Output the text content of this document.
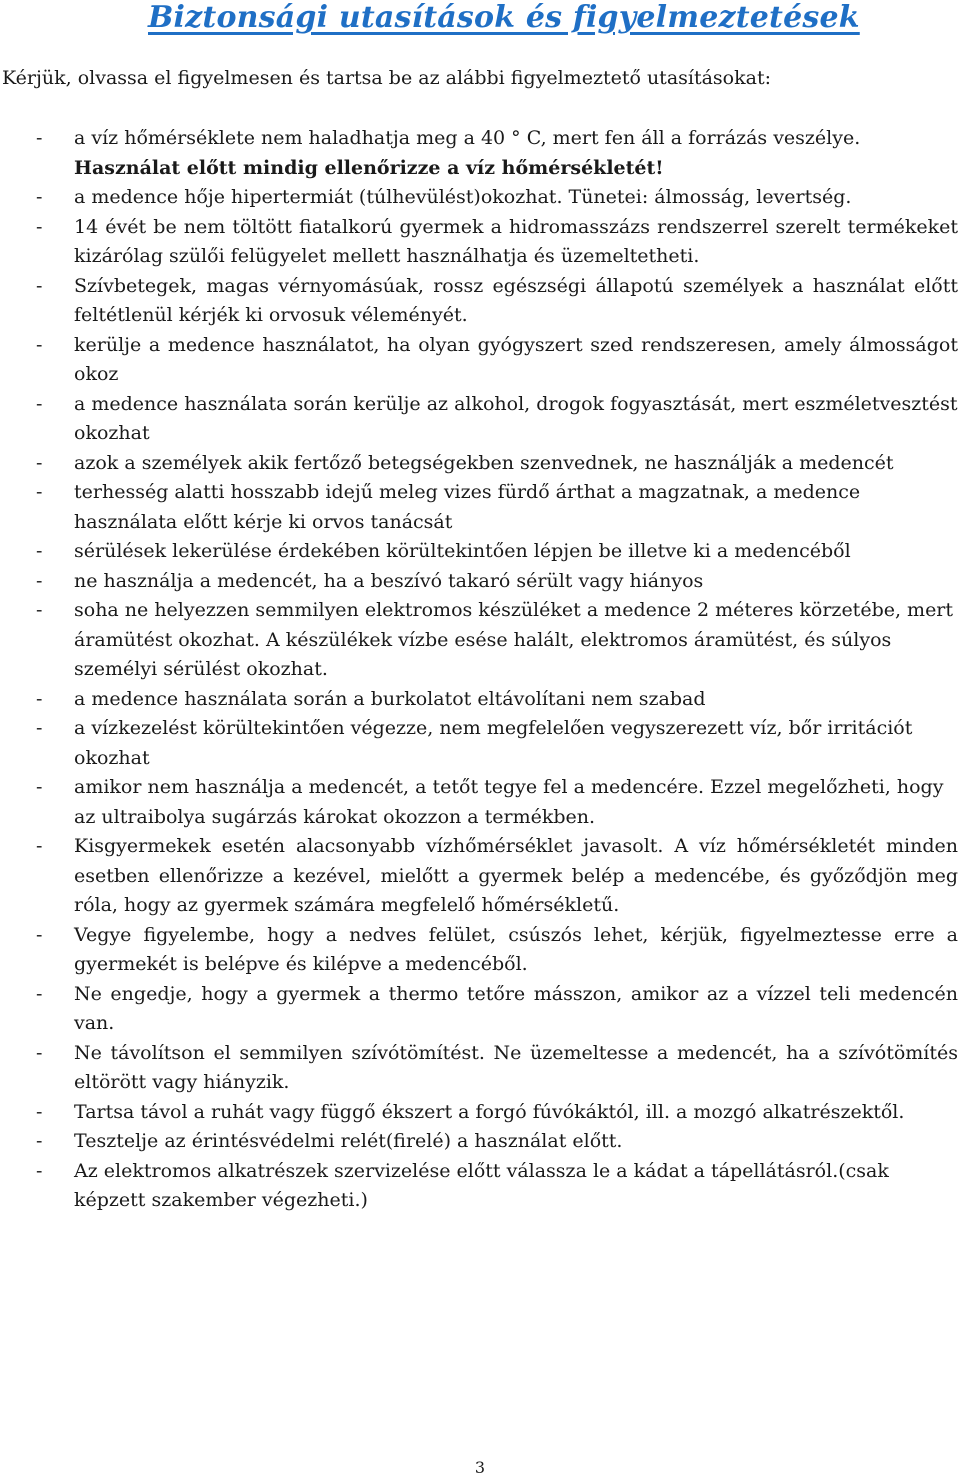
Biztonsági utasítások és figyelmeztetések
Kérjük, olvassa el figyelmesen és tartsa be az alábbi figyelmeztető utasításokat:
- a víz hőmérséklete nem haladhatja meg a 40 ° C, mert fen áll a forrázás veszélye.
Használat előtt mindig ellenőrizze a víz hőmérsékletét!
- a medence hője hipertermiát (túlhevülést)okozhat. Tünetei: álmosság, levertség.
- 14 évét be nem töltött fiatalkorú gyermek a hidromasszázs rendszerrel szerelt termékeket kizárólag szülői felügyelet mellett használhatja és üzemeltetheti.
- Szívbetegek, magas vérnyomásúak, rossz egészségi állapotú személyek a használat előtt feltétlenül kérjék ki orvosuk véleményét.
- kerülje a medence használatot, ha olyan gyógyszert szed rendszeresen, amely álmosságot okoz
- a medence használata során kerülje az alkohol, drogok fogyasztását, mert eszméletvesztést okozhat
- azok a személyek akik fertőző betegségekben szenvednek, ne használják a medencét
- terhesség alatti hosszabb idejű meleg vizes fürdő árthat a magzatnak, a medence használata előtt kérje ki orvos tanácsát
- sérülések lekerülése érdekében körültekintően lépjen be illetve ki a medencéből
- ne használja a medencét, ha a beszívó takaró sérült vagy hiányos
- soha ne helyezzen semmilyen elektromos készüléket a medence 2 méteres körzetébe, mert áramütést okozhat. A készülékek vízbe esése halált, elektromos áramütést, és súlyos személyi sérülést okozhat.
- a medence használata során a burkolatot eltávolítani nem szabad
- a vízkezelést körültekintően végezze, nem megfelelően vegyszerezett víz, bőr irritációt okozhat
- amikor nem használja a medencét, a tetőt tegye fel a medencére. Ezzel megelőzheti, hogy az ultraibolya sugárzás károkat okozzon a termékben.
- Kisgyermekek esetén alacsonyabb vízhőmérséklet javasolt. A víz hőmérsékletét minden esetben ellenőrizze a kezével, mielőtt a gyermek belép a medencébe, és győződjön meg róla, hogy az gyermek számára megfelelő hőmérsékletű.
- Vegye figyelembe, hogy a nedves felület, csúszós lehet, kérjük, figyelmeztesse erre a gyermekét is belépve és kilépve a medencéből.
- Ne engedje, hogy a gyermek a thermo tetőre másszon, amikor az a vízzel teli medencén van.
- Ne távolítson el semmilyen szívótömítést. Ne üzemeltesse a medencét, ha a szívótömítés eltörött vagy hiányzik.
- Tartsa távol a ruhát vagy függő ékszert a forgó fúvókáktól, ill. a mozgó alkatrészektől.
- Tesztelje az érintésvédelmi relét(firelé) a használat előtt.
- Az elektromos alkatrészek szervizelése előtt válassza le a kádat a tápellátásról.(csak képzett szakember végezheti.)
3
